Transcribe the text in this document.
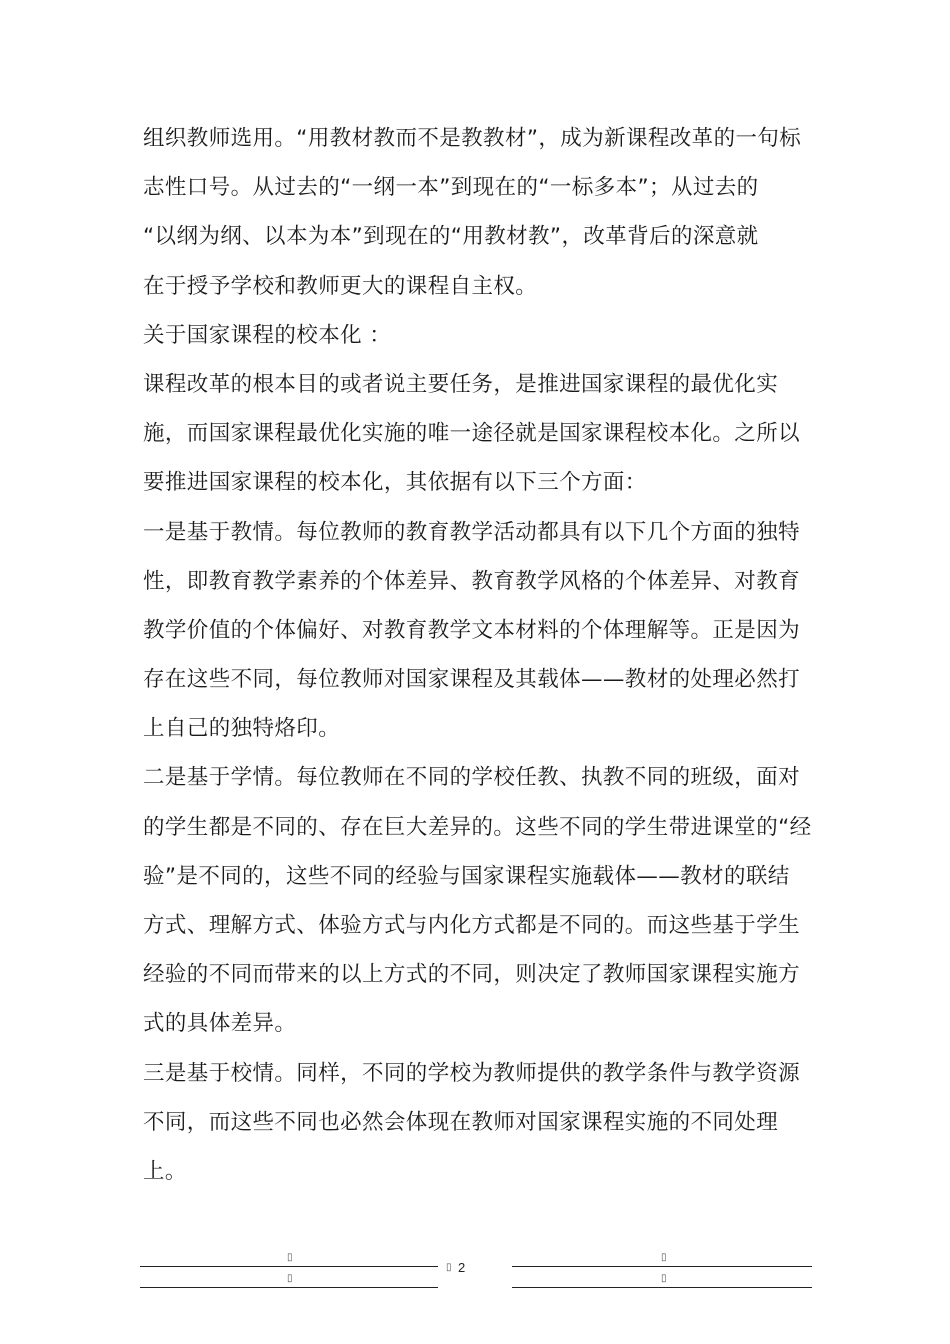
组织教师选用。“用教材教而不是教教材”，成为新课程改革的一句标
志性口号。从过去的“一纲一本”到现在的“一标多本”；从过去的
“以纲为纲、以本为本”到现在的“用教材教”，改革背后的深意就
在于授予学校和教师更大的课程自主权。
关于国家课程的校本化 ：
课程改革的根本目的或者说主要任务，是推进国家课程的最优化实
施，而国家课程最优化实施的唯一途径就是国家课程校本化。之所以
要推进国家课程的校本化，其依据有以下三个方面：
一是基于教情。每位教师的教育教学活动都具有以下几个方面的独特
性，即教育教学素养的个体差异、教育教学风格的个体差异、对教育
教学价值的个体偏好、对教育教学文本材料的个体理解等。正是因为
存在这些不同，每位教师对国家课程及其载体——教材的处理必然打
上自己的独特烙印。
二是基于学情。每位教师在不同的学校任教、执教不同的班级，面对
的学生都是不同的、存在巨大差异的。这些不同的学生带进课堂的“经
验”是不同的，这些不同的经验与国家课程实施载体——教材的联结
方式、理解方式、体验方式与内化方式都是不同的。而这些基于学生
经验的不同而带来的以上方式的不同，则决定了教师国家课程实施方
式的具体差异。
三是基于校情。同样，不同的学校为教师提供的教学条件与教学资源
不同，而这些不同也必然会体现在教师对国家课程实施的不同处理
上。
▯
▯
▯ 2
▯
▯
